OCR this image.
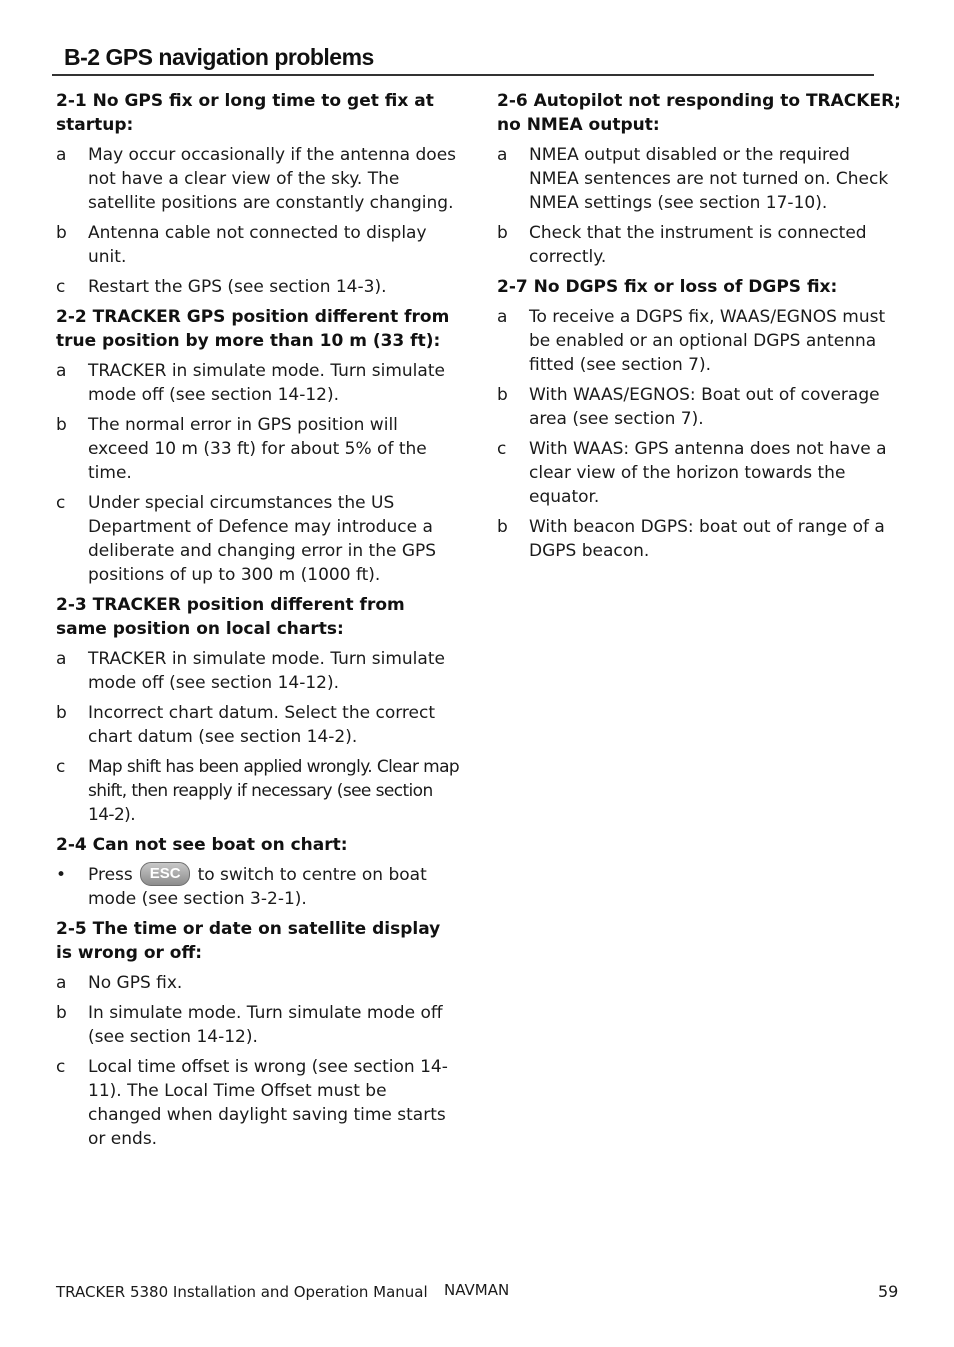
B-2 GPS navigation problems
2-1 No GPS fix or long time to get fix at startup:
a	May occur occasionally if the antenna does not have a clear view of the sky. The satellite positions are constantly changing.
b	Antenna cable not connected to display unit.
c	Restart the GPS (see section 14-3).
2-2 TRACKER GPS position different from true position by more than 10 m (33 ft):
a	TRACKER in simulate mode. Turn simulate mode off (see section 14-12).
b	The normal error in GPS position will exceed 10 m (33 ft) for about 5% of the time.
c	Under special circumstances the US Department of Defence may introduce a deliberate and changing error in the GPS positions of up to 300 m (1000 ft).
2-3 TRACKER position different from same position on local charts:
a	TRACKER in simulate mode. Turn simulate mode off (see section 14-12).
b	Incorrect chart datum. Select the correct chart datum (see section 14-2).
c	Map shift has been applied wrongly. Clear map shift, then reapply if necessary (see section 14-2).
2-4 Can not see boat on chart:
•	Press ESC to switch to centre on boat mode (see section 3-2-1).
2-5 The time or date on satellite display is wrong or off:
a	No GPS fix.
b	In simulate mode. Turn simulate mode off (see section 14-12).
c	Local time offset is wrong (see section 14-11). The Local Time Offset must be changed when daylight saving time starts or ends.
2-6 Autopilot not responding to TRACKER; no NMEA output:
a	NMEA output disabled or the required NMEA sentences are not turned on. Check NMEA settings (see section 17-10).
b	Check that the instrument is connected correctly.
2-7 No DGPS fix or loss of DGPS fix:
a	To receive a DGPS fix, WAAS/EGNOS must be enabled or an optional DGPS antenna fitted (see section 7).
b	With WAAS/EGNOS: Boat out of coverage area (see section 7).
c	With WAAS: GPS antenna does not have a clear view of the horizon towards the equator.
b	With beacon DGPS: boat out of range of a DGPS beacon.
TRACKER 5380 Installation and Operation Manual NAVMAN	59
